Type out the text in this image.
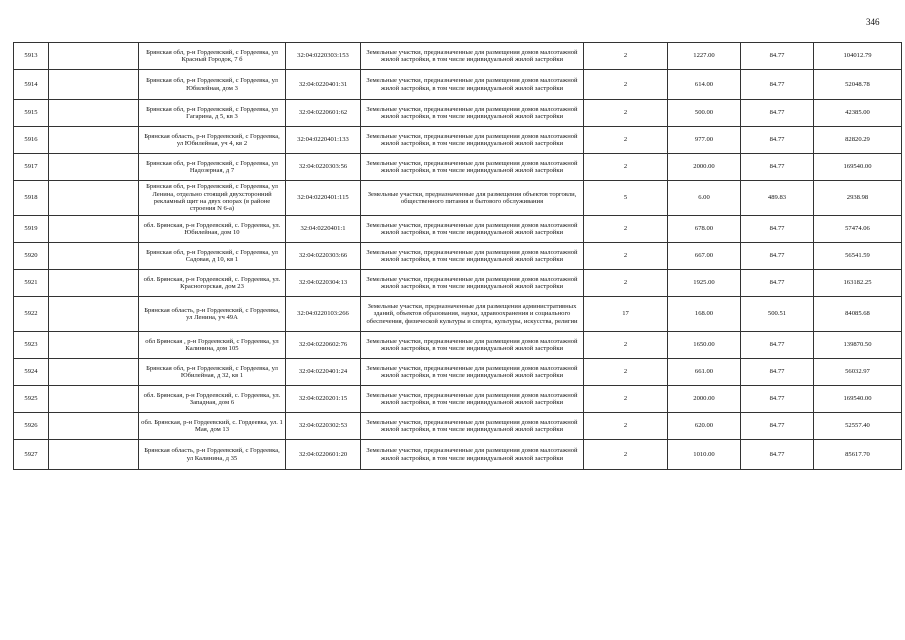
346
5913		Брянская обл, р-н Гордеевский, с Гордеевка, ул Красный Городок, 7 б	32:04:0220303:153	Земельные участки, предназначенные для размещения домов малоэтажной жилой застройки, в том числе индивидуальной жилой застройки	2	1227.00	84.77	104012.79
5914		Брянская обл, р-н Гордеевский, с Гордеевка, ул Юбилейная, дом 3	32:04:0220401:31	Земельные участки, предназначенные для размещения домов малоэтажной жилой застройки, в том числе индивидуальной жилой застройки	2	614.00	84.77	52048.78
5915		Брянская обл, р-н Гордеевский, с Гордеевка, ул Гагарина, д 5, кв 3	32:04:0220601:62	Земельные участки, предназначенные для размещения домов малоэтажной жилой застройки, в том числе индивидуальной жилой застройки	2	500.00	84.77	42385.00
5916		Брянская область, р-н Гордеевский, с Гордеевка, ул Юбилейная, уч 4, кв 2	32:04:0220401:133	Земельные участки, предназначенные для размещения домов малоэтажной жилой застройки, в том числе индивидуальной жилой застройки	2	977.00	84.77	82820.29
5917		Брянская обл, р-н Гордеевский, с Гордеевка, ул Надозерная, д 7	32:04:0220303:56	Земельные участки, предназначенные для размещения домов малоэтажной жилой застройки, в том числе индивидуальной жилой застройки	2	2000.00	84.77	169540.00
5918		Брянская обл, р-н Гордеевский, с Гордеевка, ул Ленина, отдельно стоящий двухсторонний рекламный щит на двух опорах (в районе строения N 6-а)	32:04:0220401:115	Земельные участки, предназначенные для размещения объектов торговли, общественного питания и бытового обслуживания	5	6.00	489.83	2938.98
5919		обл. Брянская, р-н Гордеевский, с. Гордеевка, ул. Юбилейная, дом 10	32:04:0220401:1	Земельные участки, предназначенные для размещения домов малоэтажной жилой застройки, в том числе индивидуальной жилой застройки	2	678.00	84.77	57474.06
5920		Брянская обл, р-н Гордеевский, с Гордеевка, ул Садовая, д 10, кв 1	32:04:0220303:66	Земельные участки, предназначенные для размещения домов малоэтажной жилой застройки, в том числе индивидуальной жилой застройки	2	667.00	84.77	56541.59
5921		обл. Брянская, р-н Гордеевский, с. Гордеевка, ул. Красногорская, дом 23	32:04:0220304:13	Земельные участки, предназначенные для размещения домов малоэтажной жилой застройки, в том числе индивидуальной жилой застройки	2	1925.00	84.77	163182.25
5922		Брянская область, р-н Гордеевский, с Гордеевка, ул Ленина, уч 49А	32:04:0220103:266	Земельные участки, предназначенные для размещения административных зданий, объектов образования, науки, здравоохранения и социального обеспечения, физической культуры и спорта, культуры, искусства, религии	17	168.00	500.51	84085.68
5923		обл Брянская , р-н Гордеевский, с Гордеевка, ул Калинина, дом 105	32:04:0220602:76	Земельные участки, предназначенные для размещения домов малоэтажной жилой застройки, в том числе индивидуальной жилой застройки	2	1650.00	84.77	139870.50
5924		Брянская обл, р-н Гордеевский, с Гордеевка, ул Юбилейная, д 32, кв 1	32:04:0220401:24	Земельные участки, предназначенные для размещения домов малоэтажной жилой застройки, в том числе индивидуальной жилой застройки	2	661.00	84.77	56032.97
5925		обл. Брянская, р-н Гордеевский, с. Гордеевка, ул. Западная, дом 6	32:04:0220201:15	Земельные участки, предназначенные для размещения домов малоэтажной жилой застройки, в том числе индивидуальной жилой застройки	2	2000.00	84.77	169540.00
5926		обл. Брянская, р-н Гордеевский, с. Гордеевка, ул. 1 Мая, дом 13	32:04:0220302:53	Земельные участки, предназначенные для размещения домов малоэтажной жилой застройки, в том числе индивидуальной жилой застройки	2	620.00	84.77	52557.40
5927		Брянская область, р-н Гордеевский, с Гордеевка, ул Калинина, д 35	32:04:0220601:20	Земельные участки, предназначенные для размещения домов малоэтажной жилой застройки, в том числе индивидуальной жилой застройки	2	1010.00	84.77	85617.70
